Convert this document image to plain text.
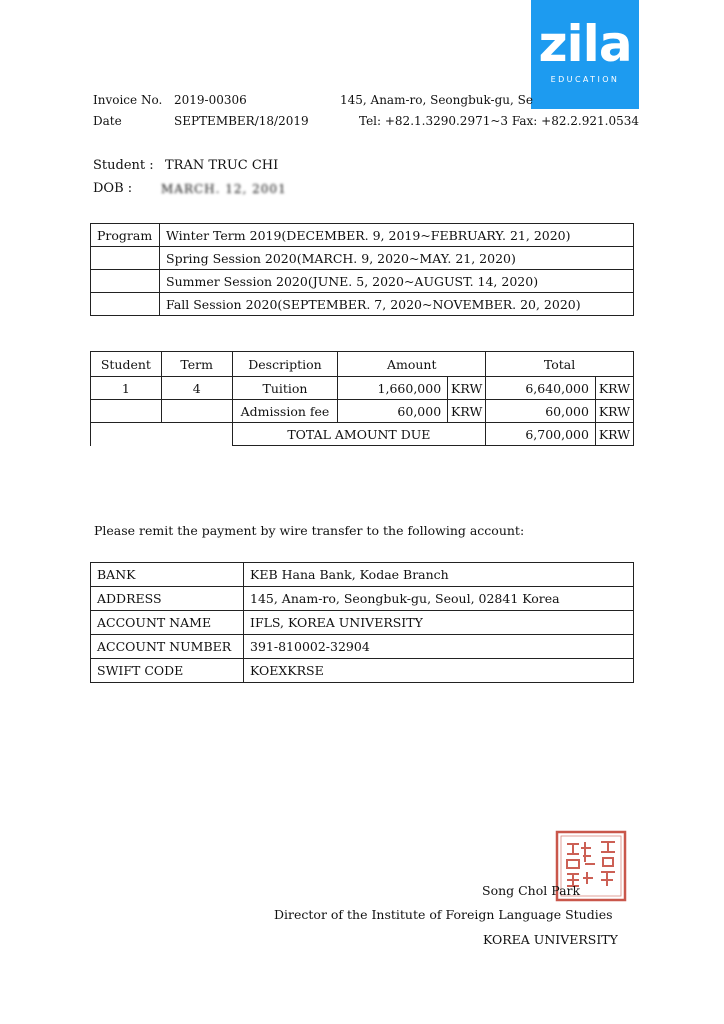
zila
EDUCATION
Invoice No. 2019-00306	145, Anam-ro, Seongbuk-gu, Se
Date	SEPTEMBER/18/2019	Tel: +82.1.3290.2971~3 Fax: +82.2.921.0534
Student : TRAN TRUC CHI
DOB : MARCH. 12, 2001
Program	Winter Term 2019(DECEMBER. 9, 2019~FEBRUARY. 21, 2020)
	Spring Session 2020(MARCH. 9, 2020~MAY. 21, 2020)
	Summer Session 2020(JUNE. 5, 2020~AUGUST. 14, 2020)
	Fall Session 2020(SEPTEMBER. 7, 2020~NOVEMBER. 20, 2020)
Student	Term	Description	Amount		Total	
1	4	Tuition	1,660,000	KRW	6,640,000	KRW
		Admission fee	60,000	KRW	60,000	KRW
		TOTAL AMOUNT DUE			6,700,000	KRW
Please remit the payment by wire transfer to the following account:
BANK	KEB Hana Bank, Kodae Branch
ADDRESS	145, Anam-ro, Seongbuk-gu, Seoul, 02841 Korea
ACCOUNT NAME	IFLS, KOREA UNIVERSITY
ACCOUNT NUMBER	391-810002-32904
SWIFT CODE	KOEXKRSE
Song Chol Park
Director of the Institute of Foreign Language Studies
KOREA UNIVERSITY
